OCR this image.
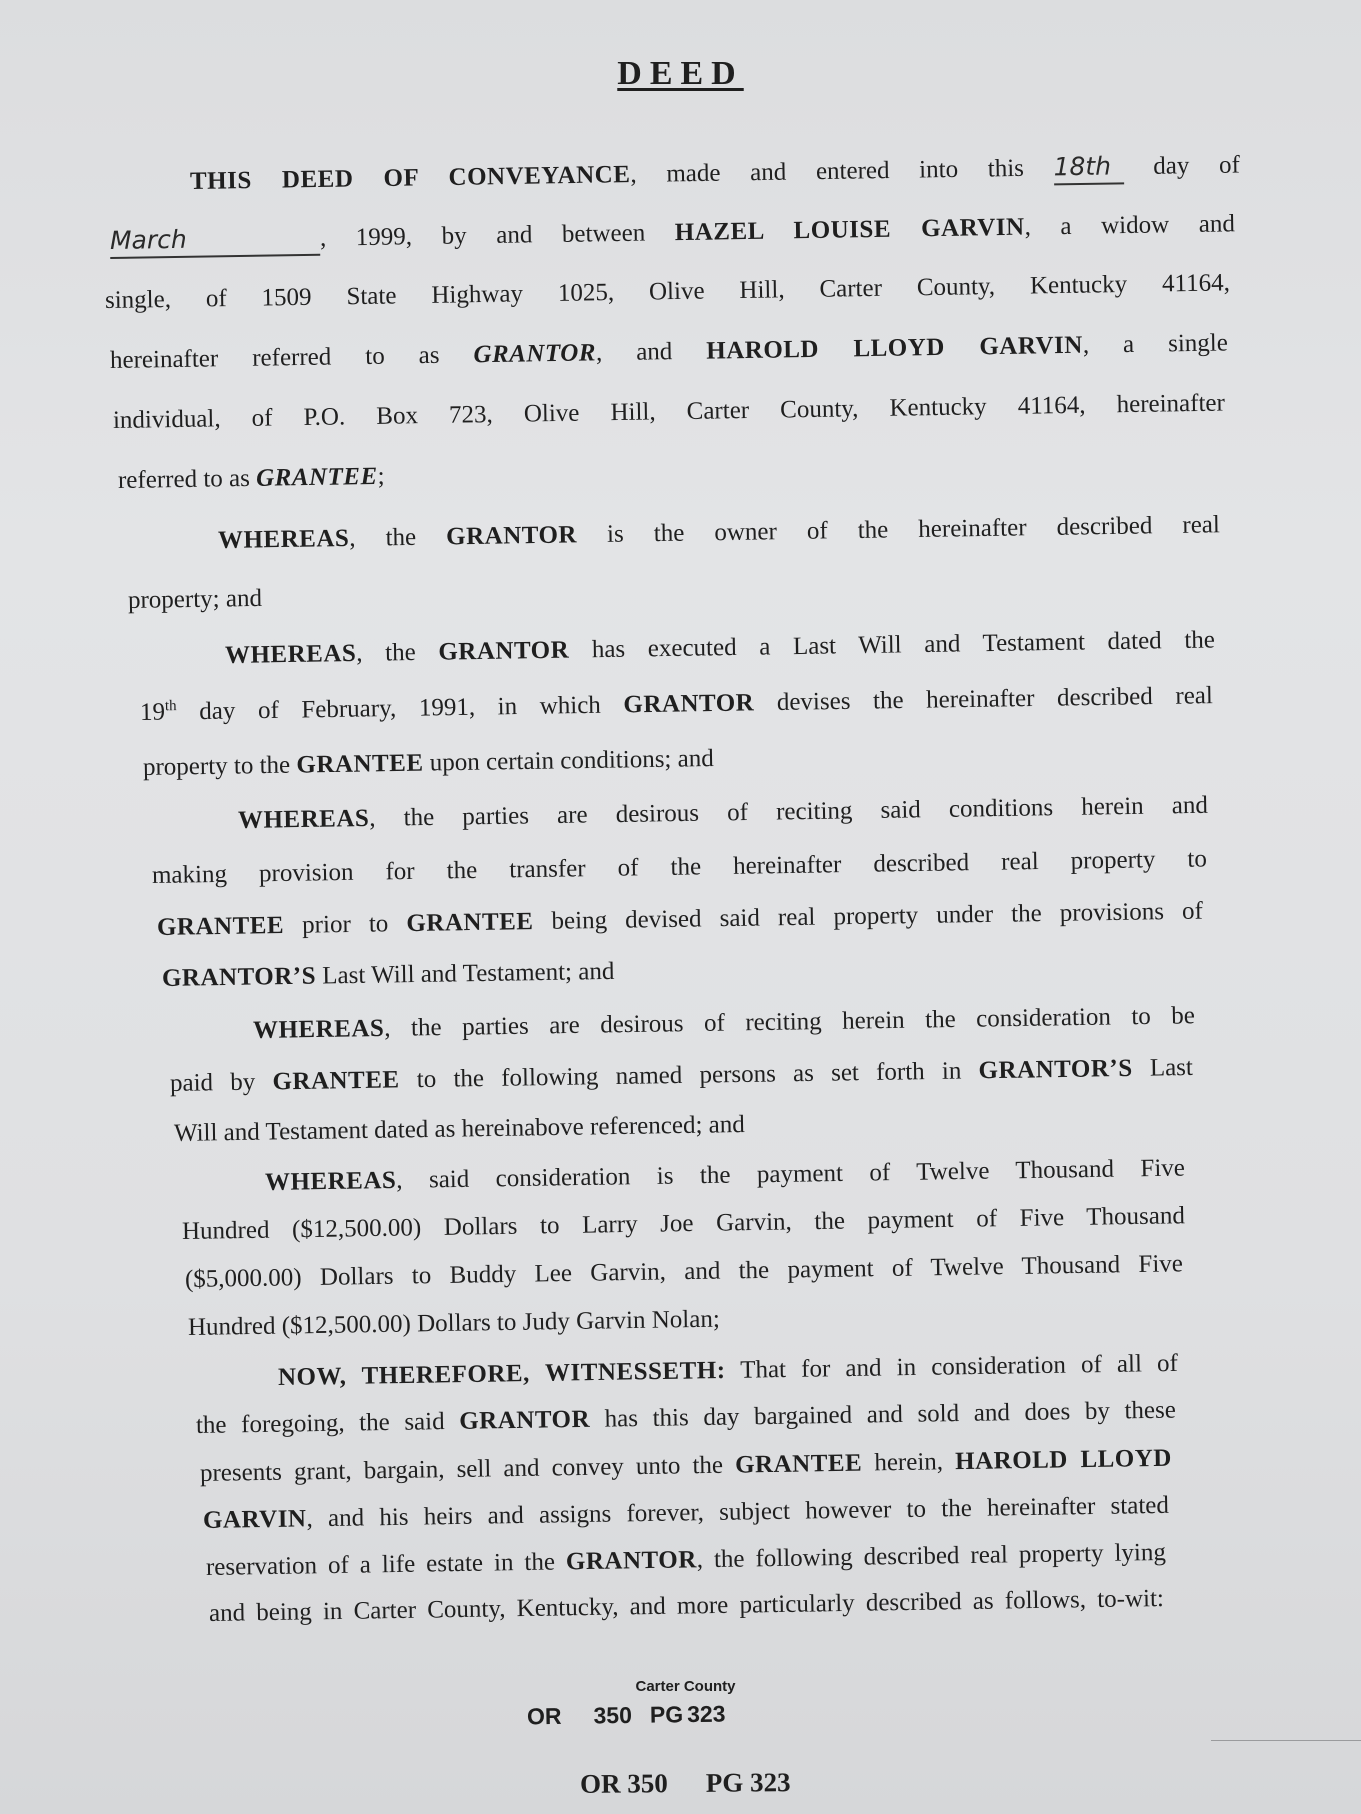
DEED
THIS DEED OF CONVEYANCE, made and entered into this 18th day of
March	, 1999, by and between HAZEL LOUISE GARVIN, a widow and
single, of 1509 State Highway 1025, Olive Hill, Carter County, Kentucky 41164,
hereinafter referred to as GRANTOR, and HAROLD LLOYD GARVIN, a single
individual, of P.O. Box 723, Olive Hill, Carter County, Kentucky 41164, hereinafter
referred to as GRANTEE;
WHEREAS, the GRANTOR is the owner of the hereinafter described real
property; and
WHEREAS, the GRANTOR has executed a Last Will and Testament dated the
19th day of February, 1991, in which GRANTOR devises the hereinafter described real
property to the GRANTEE upon certain conditions; and
WHEREAS, the parties are desirous of reciting said conditions herein and
making provision for the transfer of the hereinafter described real property to
GRANTEE prior to GRANTEE being devised said real property under the provisions of
GRANTOR’S Last Will and Testament; and
WHEREAS, the parties are desirous of reciting herein the consideration to be
paid by GRANTEE to the following named persons as set forth in GRANTOR’S Last
Will and Testament dated as hereinabove referenced; and
WHEREAS, said consideration is the payment of Twelve Thousand Five
Hundred ($12,500.00) Dollars to Larry Joe Garvin, the payment of Five Thousand
($5,000.00) Dollars to Buddy Lee Garvin, and the payment of Twelve Thousand Five
Hundred ($12,500.00) Dollars to Judy Garvin Nolan;
NOW, THEREFORE, WITNESSETH: That for and in consideration of all of
the foregoing, the said GRANTOR has this day bargained and sold and does by these
presents grant, bargain, sell and convey unto the GRANTEE herein, HAROLD LLOYD
GARVIN, and his heirs and assigns forever, subject however to the hereinafter stated
reservation of a life estate in the GRANTOR, the following described real property lying
and being in Carter County, Kentucky, and more particularly described as follows, to-wit:
Carter County
OR 350 PG 323
OR 350 PG 323
